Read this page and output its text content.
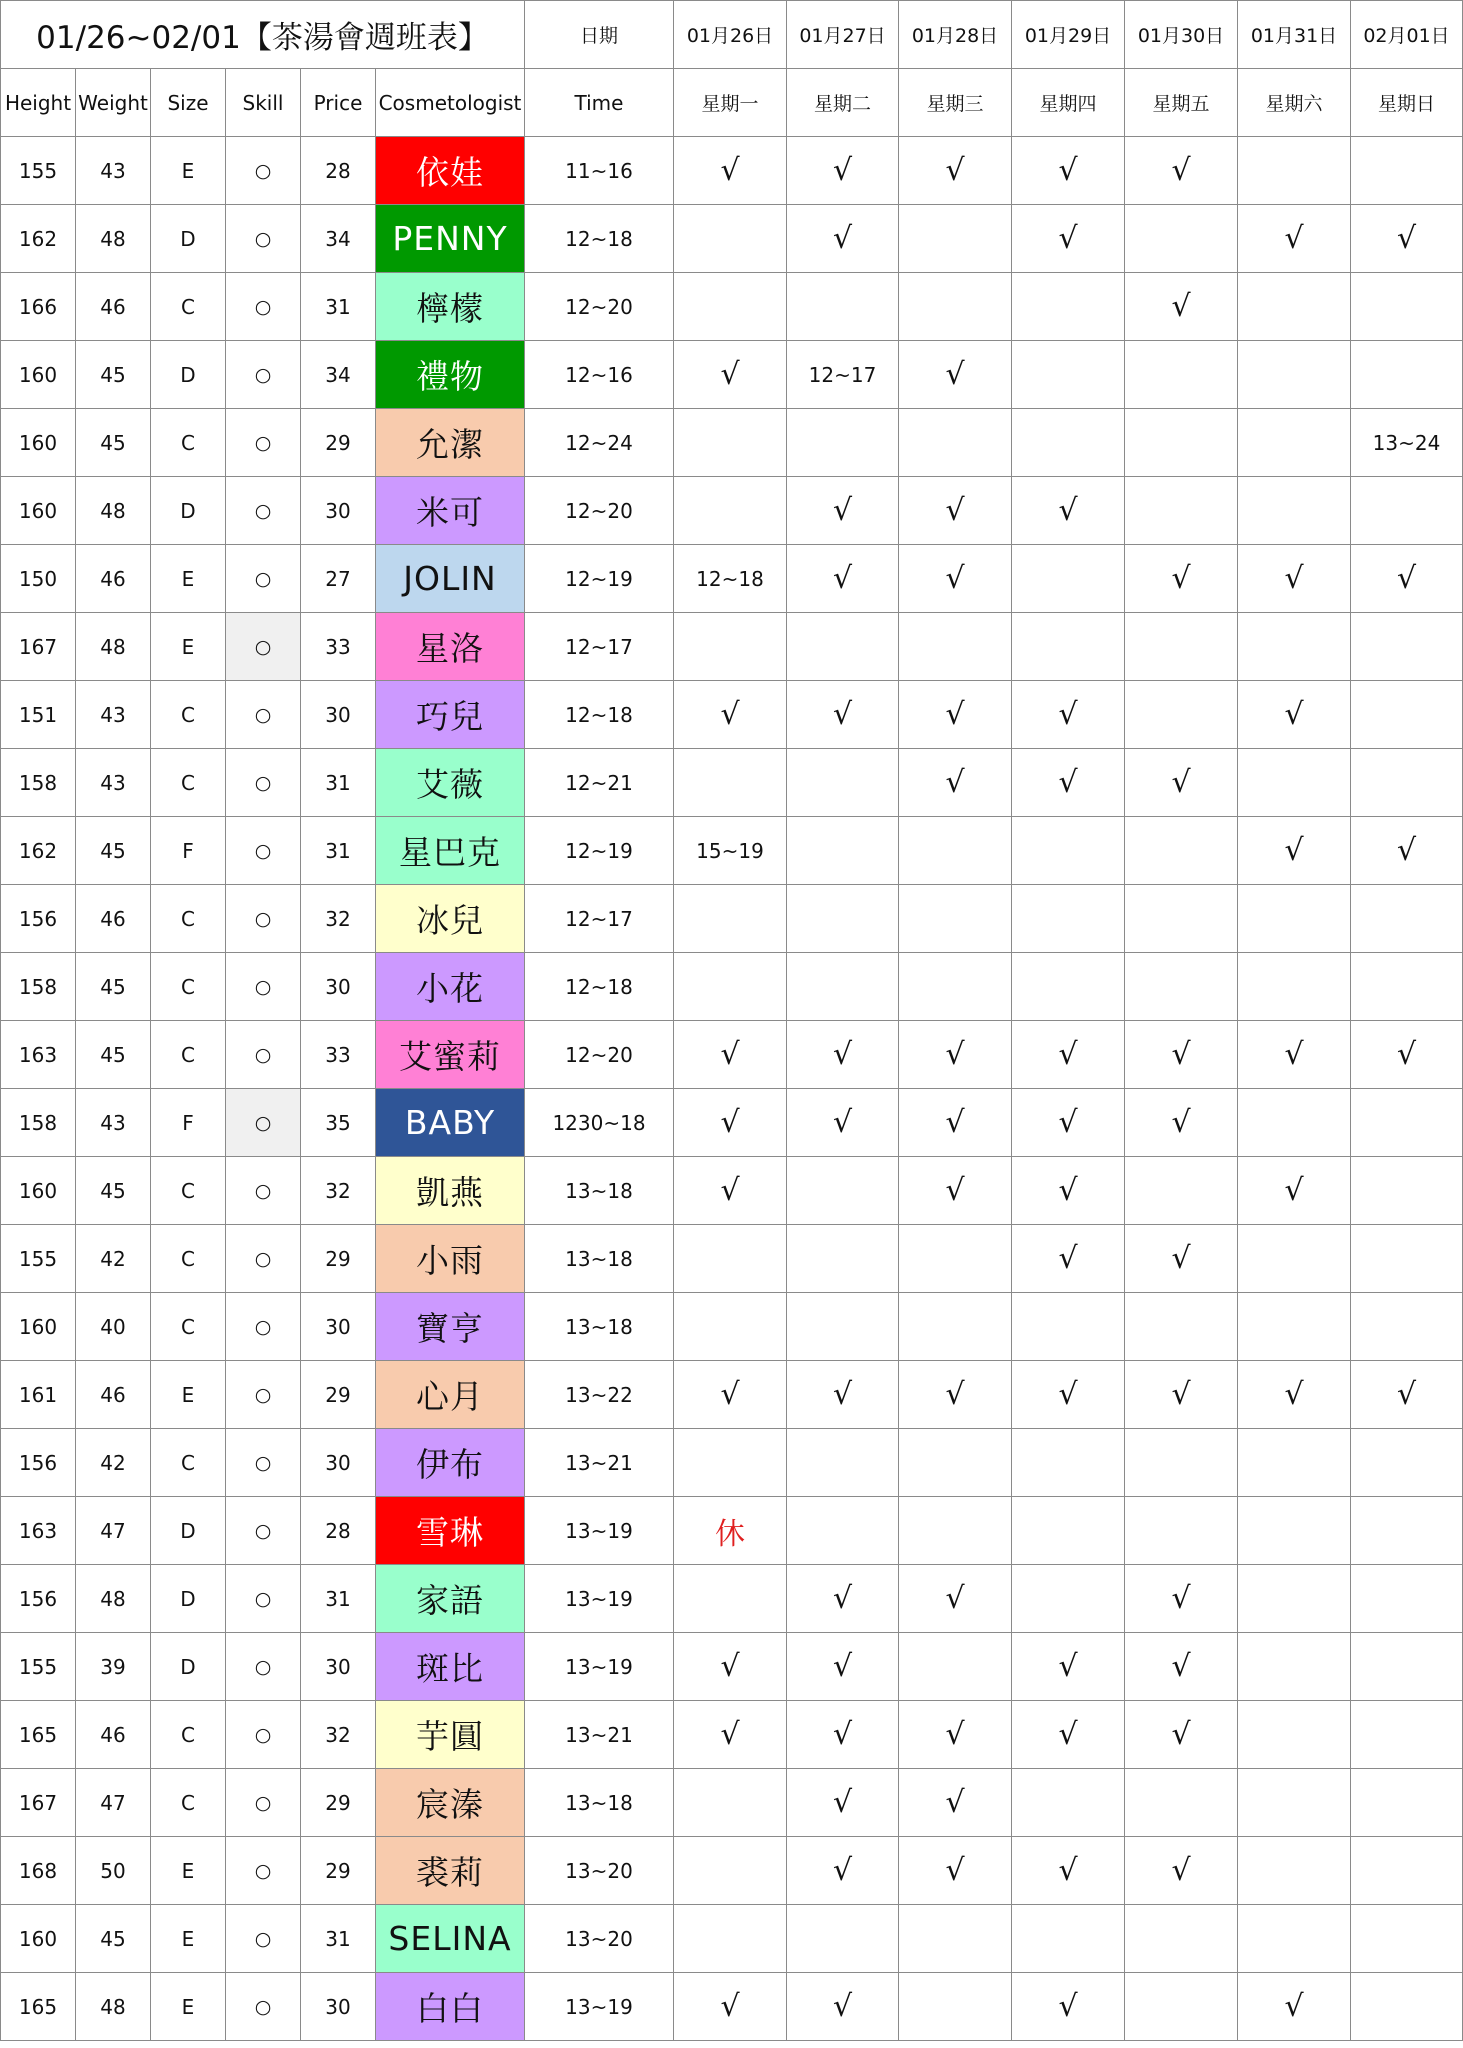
01/26~02/01【茶湯會週班表】						日期	01月26日	01月27日	01月28日	01月29日	01月30日	01月31日	02月01日
Height	Weight	Size	Skill	Price	Cosmetologist	Time	星期一	星期二	星期三	星期四	星期五	星期六	星期日
155	43	E	○	28	依娃	11~16	√	√	√	√	√		
162	48	D	○	34	PENNY	12~18		√		√		√	√
166	46	C	○	31	檸檬	12~20					√		
160	45	D	○	34	禮物	12~16	√	12~17	√				
160	45	C	○	29	允潔	12~24							13~24
160	48	D	○	30	米可	12~20		√	√	√			
150	46	E	○	27	JOLIN	12~19	12~18	√	√		√	√	√
167	48	E	○	33	星洛	12~17							
151	43	C	○	30	巧兒	12~18	√	√	√	√		√	
158	43	C	○	31	艾薇	12~21			√	√	√		
162	45	F	○	31	星巴克	12~19	15~19					√	√
156	46	C	○	32	冰兒	12~17							
158	45	C	○	30	小花	12~18							
163	45	C	○	33	艾蜜莉	12~20	√	√	√	√	√	√	√
158	43	F	○	35	BABY	1230~18	√	√	√	√	√		
160	45	C	○	32	凱燕	13~18	√		√	√		√	
155	42	C	○	29	小雨	13~18				√	√		
160	40	C	○	30	寶亨	13~18							
161	46	E	○	29	心月	13~22	√	√	√	√	√	√	√
156	42	C	○	30	伊布	13~21							
163	47	D	○	28	雪琳	13~19	休						
156	48	D	○	31	家語	13~19		√	√		√		
155	39	D	○	30	斑比	13~19	√	√		√	√		
165	46	C	○	32	芋圓	13~21	√	√	√	√	√		
167	47	C	○	29	宸溱	13~18		√	√				
168	50	E	○	29	裘莉	13~20		√	√	√	√		
160	45	E	○	31	SELINA	13~20							
165	48	E	○	30	白白	13~19	√	√		√		√	
